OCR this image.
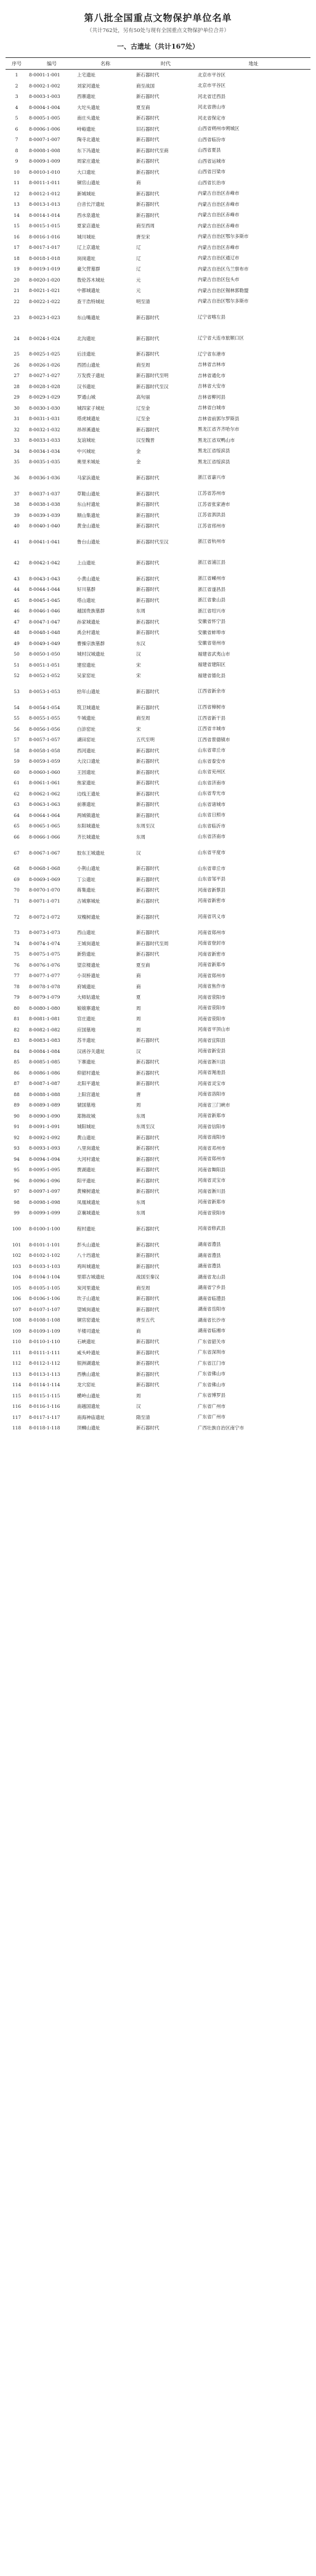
第八批全国重点文物保护单位名单
（共计762处，另有50处与现有全国重点文物保护单位合并）
一、古遗址（共计167处）
序号	编号	名称	时代	地址
1	8-0001-1-001	上宅遗址	新石器时代	北京市平谷区
2	8-0002-1-002	刘家河遗址	商至战国	北京市平谷区
3	8-0003-1-003	西寨遗址	新石器时代	河北省迁西县
4	8-0004-1-004	大坨头遗址	夏至商	河北省唐山市
5	8-0005-1-005	南庄头遗址	新石器时代	河北省保定市
6	8-0006-1-006	峙峪遗址	旧石器时代	山西省朔州市朔城区
7	8-0007-1-007	陶寺北遗址	新石器时代	山西省临汾市
8	8-0008-1-008	东下冯遗址	新石器时代至商	山西省夏县
9	8-0009-1-009	周家庄遗址	新石器时代	山西省运城市
10	8-0010-1-010	大口遗址	新石器时代	山西省吕梁市
11	8-0011-1-011	铜官山遗址	商	山西省长治市
12	8-0012-1-012	新城城址	新石器时代	内蒙古自治区赤峰市
13	8-0013-1-013	白音长汗遗址	新石器时代	内蒙古自治区赤峰市
14	8-0014-1-014	西水泉遗址	新石器时代	内蒙古自治区赤峰市
15	8-0015-1-015	夏家店遗址	商至西周	内蒙古自治区赤峰市
16	8-0016-1-016	城川城址	唐至宋	内蒙古自治区鄂尔多斯市
17	8-0017-1-017	辽上京遗址	辽	内蒙古自治区赤峰市
18	8-0018-1-018	岗岗遗址	辽	内蒙古自治区通辽市
19	8-0019-1-019	豪欠营墓群	辽	内蒙古自治区乌兰察布市
20	8-0020-1-020	敖伦苏木城址	元	内蒙古自治区包头市
21	8-0021-1-021	中都城遗址	元	内蒙古自治区锡林郭勒盟
22	8-0022-1-022	查干浩特城址	明至清	内蒙古自治区鄂尔多斯市
23	8-0023-1-023	东山嘴遗址	新石器时代	辽宁省喀左县
24	8-0024-1-024	北沟遗址	新石器时代	辽宁省大连市旅顺口区
25	8-0025-1-025	后洼遗址	新石器时代	辽宁省东港市
26	8-0026-1-026	西团山遗址	商至周	吉林省吉林市
27	8-0027-1-027	万发拨子遗址	新石器时代至明	吉林省通化市
28	8-0028-1-028	汉书遗址	新石器时代至汉	吉林省大安市
29	8-0029-1-029	罗通山城	高句丽	吉林省柳河县
30	8-0030-1-030	城四家子城址	辽至金	吉林省白城市
31	8-0031-1-031	塔虎城遗址	辽至金	吉林省前郭尔罗斯县
32	8-0032-1-032	昂昂溪遗址	新石器时代	黑龙江省齐齐哈尔市
33	8-0033-1-033	友谊城址	汉至魏晋	黑龙江省双鸭山市
34	8-0034-1-034	中兴城址	金	黑龙江省绥滨县
35	8-0035-1-035	奥里米城址	金	黑龙江省绥滨县
36	8-0036-1-036	马家浜遗址	新石器时代	浙江省嘉兴市
37	8-0037-1-037	草鞋山遗址	新石器时代	江苏省苏州市
38	8-0038-1-038	东山村遗址	新石器时代	江苏省张家港市
39	8-0039-1-039	顺山集遗址	新石器时代	江苏省泗洪县
40	8-0040-1-040	黄金山遗址	新石器时代	江苏省邳州市
41	8-0041-1-041	鲁台山遗址	新石器时代至汉	浙江省杭州市
42	8-0042-1-042	上山遗址	新石器时代	浙江省浦江县
43	8-0043-1-043	小黄山遗址	新石器时代	浙江省嵊州市
44	8-0044-1-044	好川墓群	新石器时代	浙江省遂昌县
45	8-0045-1-045	塔山遗址	新石器时代	浙江省象山县
46	8-0046-1-046	越国贵族墓群	东周	浙江省绍兴市
47	8-0047-1-047	孙家城遗址	新石器时代	安徽省怀宁县
48	8-0048-1-048	禹会村遗址	新石器时代	安徽省蚌埠市
49	8-0049-1-049	曹操宗族墓群	东汉	安徽省亳州市
50	8-0050-1-050	城村汉城遗址	汉	福建省武夷山市
51	8-0051-1-051	建窑遗址	宋	福建省建阳区
52	8-0052-1-052	吴家窑址	宋	福建省德化县
53	8-0053-1-053	拾年山遗址	新石器时代	江西省新余市
54	8-0054-1-054	筑卫城遗址	新石器时代	江西省樟树市
55	8-0055-1-055	牛城遗址	商至周	江西省新干县
56	8-0056-1-056	白浒窑址	宋	江西省丰城市
57	8-0057-1-057	湖田窑址	五代至明	江西省景德镇市
58	8-0058-1-058	西河遗址	新石器时代	山东省章丘市
59	8-0059-1-059	大汶口遗址	新石器时代	山东省泰安市
60	8-0060-1-060	王因遗址	新石器时代	山东省兖州区
61	8-0061-1-061	焦家遗址	新石器时代	山东省济南市
62	8-0062-1-062	边线王遗址	新石器时代	山东省寿光市
63	8-0063-1-063	前寨遗址	新石器时代	山东省诸城市
64	8-0064-1-064	两城镇遗址	新石器时代	山东省日照市
65	8-0065-1-065	东阳城遗址	东周至汉	山东省临沂市
66	8-0066-1-066	齐长城遗址	东周	山东省济南市
67	8-0067-1-067	胶东王城遗址	汉	山东省平度市
68	8-0068-1-068	小荆山遗址	新石器时代	山东省章丘市
69	8-0069-1-069	丁公遗址	新石器时代	山东省邹平县
70	8-0070-1-070	蒋集遗址	新石器时代	河南省新蔡县
71	8-0071-1-071	古城寨城址	新石器时代	河南省新密市
72	8-0072-1-072	双槐树遗址	新石器时代	河南省巩义市
73	8-0073-1-073	西山遗址	新石器时代	河南省郑州市
74	8-0074-1-074	王城岗遗址	新石器时代至周	河南省登封市
75	8-0075-1-075	新砦遗址	新石器时代	河南省新密市
76	8-0076-1-076	望京楼遗址	夏至商	河南省新郑市
77	8-0077-1-077	小双桥遗址	商	河南省郑州市
78	8-0078-1-078	府城遗址	商	河南省焦作市
79	8-0079-1-079	大师姑遗址	夏	河南省荥阳市
80	8-0080-1-080	娘娘寨遗址	周	河南省荥阳市
81	8-0081-1-081	官庄遗址	周	河南省荥阳市
82	8-0082-1-082	应国墓地	周	河南省平顶山市
83	8-0083-1-083	苏羊遗址	新石器时代	河南省宜阳县
84	8-0084-1-084	汉函谷关遗址	汉	河南省新安县
85	8-0085-1-085	下寨遗址	新石器时代	河南省淅川县
86	8-0086-1-086	仰韶村遗址	新石器时代	河南省渑池县
87	8-0087-1-087	北阳平遗址	新石器时代	河南省灵宝市
88	8-0088-1-088	上阳宫遗址	唐	河南省洛阳市
89	8-0089-1-089	虢国墓地	周	河南省三门峡市
90	8-0090-1-090	郑韩故城	东周	河南省新郑市
91	8-0091-1-091	城阳城址	东周至汉	河南省信阳市
92	8-0092-1-092	黄山遗址	新石器时代	河南省南阳市
93	8-0093-1-093	八里岗遗址	新石器时代	河南省邓州市
94	8-0094-1-094	大河村遗址	新石器时代	河南省郑州市
95	8-0095-1-095	贾湖遗址	新石器时代	河南省舞阳县
96	8-0096-1-096	阳平遗址	新石器时代	河南省灵宝市
97	8-0097-1-097	黄楝树遗址	新石器时代	河南省淅川县
98	8-0098-1-098	凤凰城遗址	东周	河南省新郑市
99	8-0099-1-099	京襄城遗址	东周	河南省荥阳市
100	8-0100-1-100	程村遗址	新石器时代	河南省修武县
101	8-0101-1-101	彭头山遗址	新石器时代	湖南省澧县
102	8-0102-1-102	八十垱遗址	新石器时代	湖南省澧县
103	8-0103-1-103	鸡叫城遗址	新石器时代	湖南省澧县
104	8-0104-1-104	里耶古城遗址	战国至秦汉	湖南省龙山县
105	8-0105-1-105	炭河里遗址	商至周	湖南省宁乡县
106	8-0106-1-106	坎子山遗址	新石器时代	湖南省临澧县
107	8-0107-1-107	望城岗遗址	新石器时代	湖南省岳阳市
108	8-0108-1-108	铜官窑遗址	唐至五代	湖南省长沙市
109	8-0109-1-109	羊楼司遗址	商	湖南省临湘市
110	8-0110-1-110	石峡遗址	新石器时代	广东省韶关市
111	8-0111-1-111	咸头岭遗址	新石器时代	广东省深圳市
112	8-0112-1-112	银洲湖遗址	新石器时代	广东省江门市
113	8-0113-1-113	西樵山遗址	新石器时代	广东省佛山市
114	8-0114-1-114	龙穴窑址	新石器时代	广东省佛山市
115	8-0115-1-115	横岭山遗址	周	广东省博罗县
116	8-0116-1-116	南越国遗址	汉	广东省广州市
117	8-0117-1-117	南海神庙遗址	隋至清	广东省广州市
118	8-0118-1-118	顶蛳山遗址	新石器时代	广西壮族自治区南宁市
